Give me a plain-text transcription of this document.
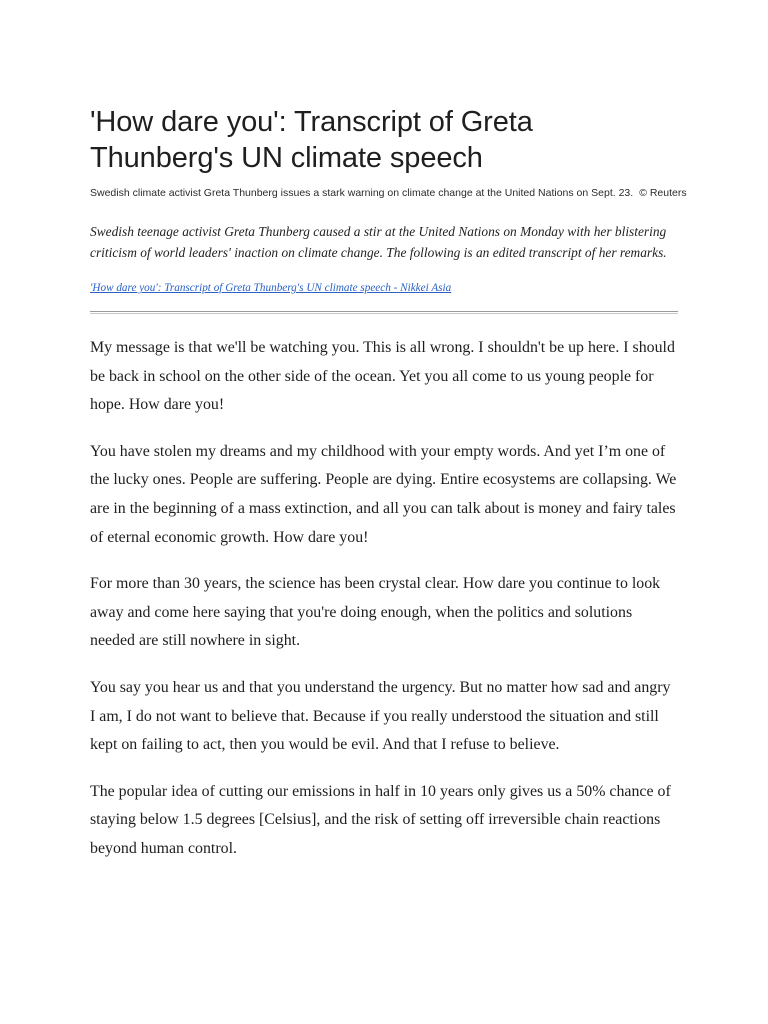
'How dare you': Transcript of Greta Thunberg's UN climate speech

Swedish climate activist Greta Thunberg issues a stark warning on climate change at the United Nations on Sept. 23. © Reuters

Swedish teenage activist Greta Thunberg caused a stir at the United Nations on Monday with her blistering criticism of world leaders' inaction on climate change. The following is an edited transcript of her remarks.

'How dare you': Transcript of Greta Thunberg's UN climate speech - Nikkei Asia

My message is that we'll be watching you. This is all wrong. I shouldn't be up here. I should be back in school on the other side of the ocean. Yet you all come to us young people for hope. How dare you!

You have stolen my dreams and my childhood with your empty words. And yet I’m one of the lucky ones. People are suffering. People are dying. Entire ecosystems are collapsing. We are in the beginning of a mass extinction, and all you can talk about is money and fairy tales of eternal economic growth. How dare you!

For more than 30 years, the science has been crystal clear. How dare you continue to look away and come here saying that you're doing enough, when the politics and solutions needed are still nowhere in sight.

You say you hear us and that you understand the urgency. But no matter how sad and angry I am, I do not want to believe that. Because if you really understood the situation and still kept on failing to act, then you would be evil. And that I refuse to believe.

The popular idea of cutting our emissions in half in 10 years only gives us a 50% chance of staying below 1.5 degrees [Celsius], and the risk of setting off irreversible chain reactions beyond human control.
